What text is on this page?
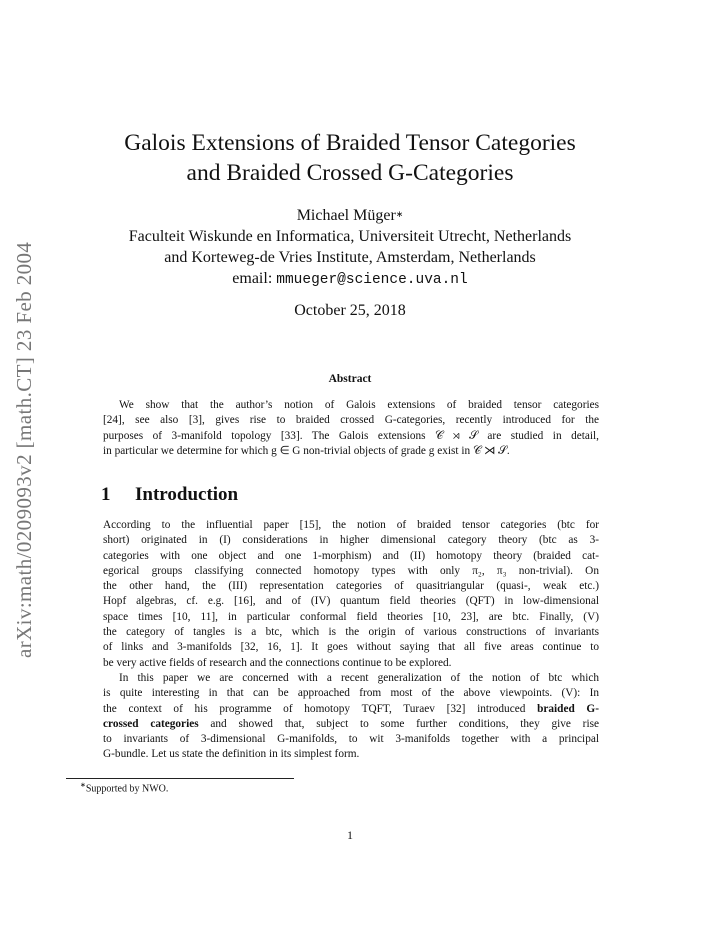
arXiv:math/0209093v2 [math.CT] 23 Feb 2004
Galois Extensions of Braided Tensor Categories
and Braided Crossed G-Categories
Michael Müger∗
Faculteit Wiskunde en Informatica, Universiteit Utrecht, Netherlands
and Korteweg-de Vries Institute, Amsterdam, Netherlands
email: mmueger@science.uva.nl
October 25, 2018
Abstract
We show that the author’s notion of Galois extensions of braided tensor categories
[24], see also [3], gives rise to braided crossed G-categories, recently introduced for the
purposes of 3-manifold topology [33]. The Galois extensions 𝒞 ⋊ 𝒮 are studied in detail,
in particular we determine for which g ∈ G non-trivial objects of grade g exist in 𝒞 ⋊ 𝒮.
1 Introduction
According to the influential paper [15], the notion of braided tensor categories (btc for
short) originated in (I) considerations in higher dimensional category theory (btc as 3-
categories with one object and one 1-morphism) and (II) homotopy theory (braided cat-
egorical groups classifying connected homotopy types with only π₂, π₃ non-trivial). On
the other hand, the (III) representation categories of quasitriangular (quasi-, weak etc.)
Hopf algebras, cf. e.g. [16], and of (IV) quantum field theories (QFT) in low-dimensional
space times [10, 11], in particular conformal field theories [10, 23], are btc. Finally, (V)
the category of tangles is a btc, which is the origin of various constructions of invariants
of links and 3-manifolds [32, 16, 1]. It goes without saying that all five areas continue to
be very active fields of research and the connections continue to be explored.
In this paper we are concerned with a recent generalization of the notion of btc which
is quite interesting in that can be approached from most of the above viewpoints. (V): In
the context of his programme of homotopy TQFT, Turaev [32] introduced braided G-
crossed categories and showed that, subject to some further conditions, they give rise
to invariants of 3-dimensional G-manifolds, to wit 3-manifolds together with a principal
G-bundle. Let us state the definition in its simplest form.
∗Supported by NWO.
1
